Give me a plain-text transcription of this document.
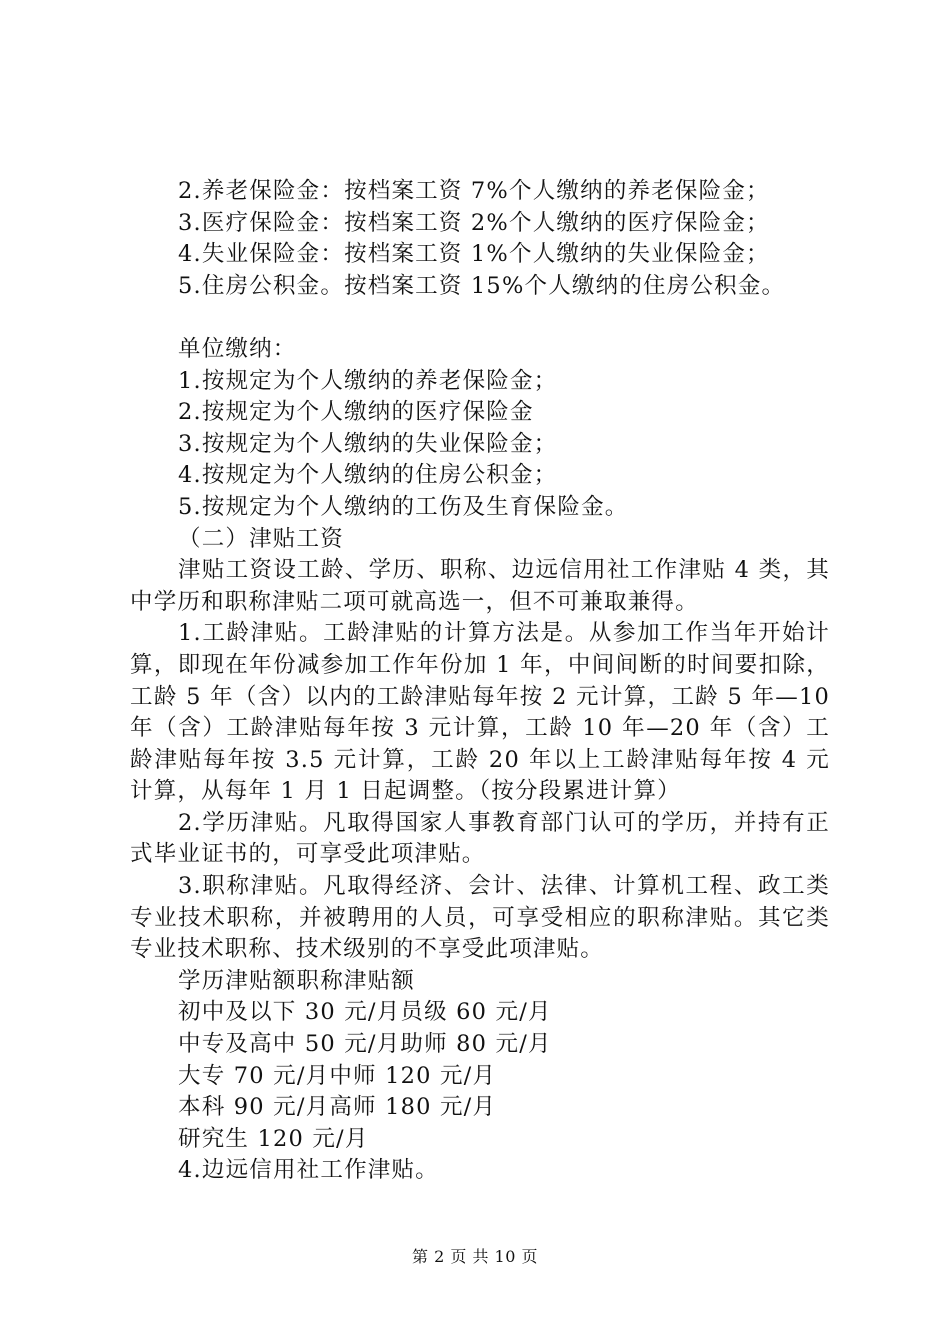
2.养老保险金：按档案工资 7%个人缴纳的养老保险金；

3.医疗保险金：按档案工资 2%个人缴纳的医疗保险金；

4.失业保险金：按档案工资 1%个人缴纳的失业保险金；

5.住房公积金。按档案工资 15%个人缴纳的住房公积金。

单位缴纳：

1.按规定为个人缴纳的养老保险金；

2.按规定为个人缴纳的医疗保险金

3.按规定为个人缴纳的失业保险金；

4.按规定为个人缴纳的住房公积金；

5.按规定为个人缴纳的工伤及生育保险金。

（二）津贴工资

津贴工资设工龄、学历、职称、边远信用社工作津贴 4 类，其中学历和职称津贴二项可就高选一，但不可兼取兼得。

1.工龄津贴。工龄津贴的计算方法是。从参加工作当年开始计算，即现在年份减参加工作年份加 1 年，中间间断的时间要扣除，工龄 5 年（含）以内的工龄津贴每年按 2 元计算，工龄 5 年—10 年（含）工龄津贴每年按 3 元计算，工龄 10 年—20 年（含）工龄津贴每年按 3.5 元计算，工龄 20 年以上工龄津贴每年按 4 元计算，从每年 1 月 1 日起调整。（按分段累进计算）

2.学历津贴。凡取得国家人事教育部门认可的学历，并持有正式毕业证书的，可享受此项津贴。

3.职称津贴。凡取得经济、会计、法律、计算机工程、政工类专业技术职称，并被聘用的人员，可享受相应的职称津贴。其它类专业技术职称、技术级别的不享受此项津贴。

学历津贴额职称津贴额

初中及以下 30 元/月员级 60 元/月

中专及高中 50 元/月助师 80 元/月

大专 70 元/月中师 120 元/月

本科 90 元/月高师 180 元/月

研究生 120 元/月

4.边远信用社工作津贴。

第 2 页 共 10 页
